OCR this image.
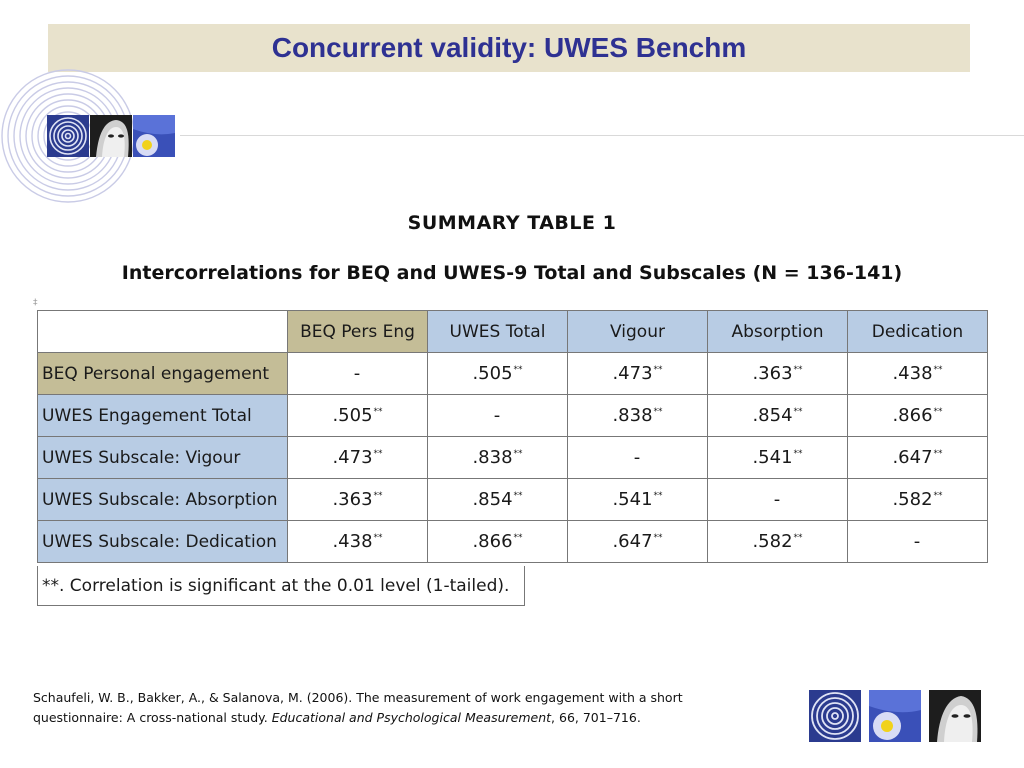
Concurrent validity: UWES Benchm
SUMMARY TABLE 1
Intercorrelations for BEQ and UWES-9 Total and Subscales (N = 136-141)
‡
	BEQ Pers Eng	UWES Total	Vigour	Absorption	Dedication
BEQ Personal engagement	-	.505**	.473**	.363**	.438**
UWES Engagement Total	.505**	-	.838**	.854**	.866**
UWES Subscale: Vigour	.473**	.838**	-	.541**	.647**
UWES Subscale: Absorption	.363**	.854**	.541**	-	.582**
UWES Subscale: Dedication	.438**	.866**	.647**	.582**	-
**. Correlation is significant at the 0.01 level (1-tailed).
Schaufeli, W. B., Bakker, A., & Salanova, M. (2006). The measurement of work engagement with a short questionnaire: A cross-national study. Educational and Psychological Measurement, 66, 701–716.
